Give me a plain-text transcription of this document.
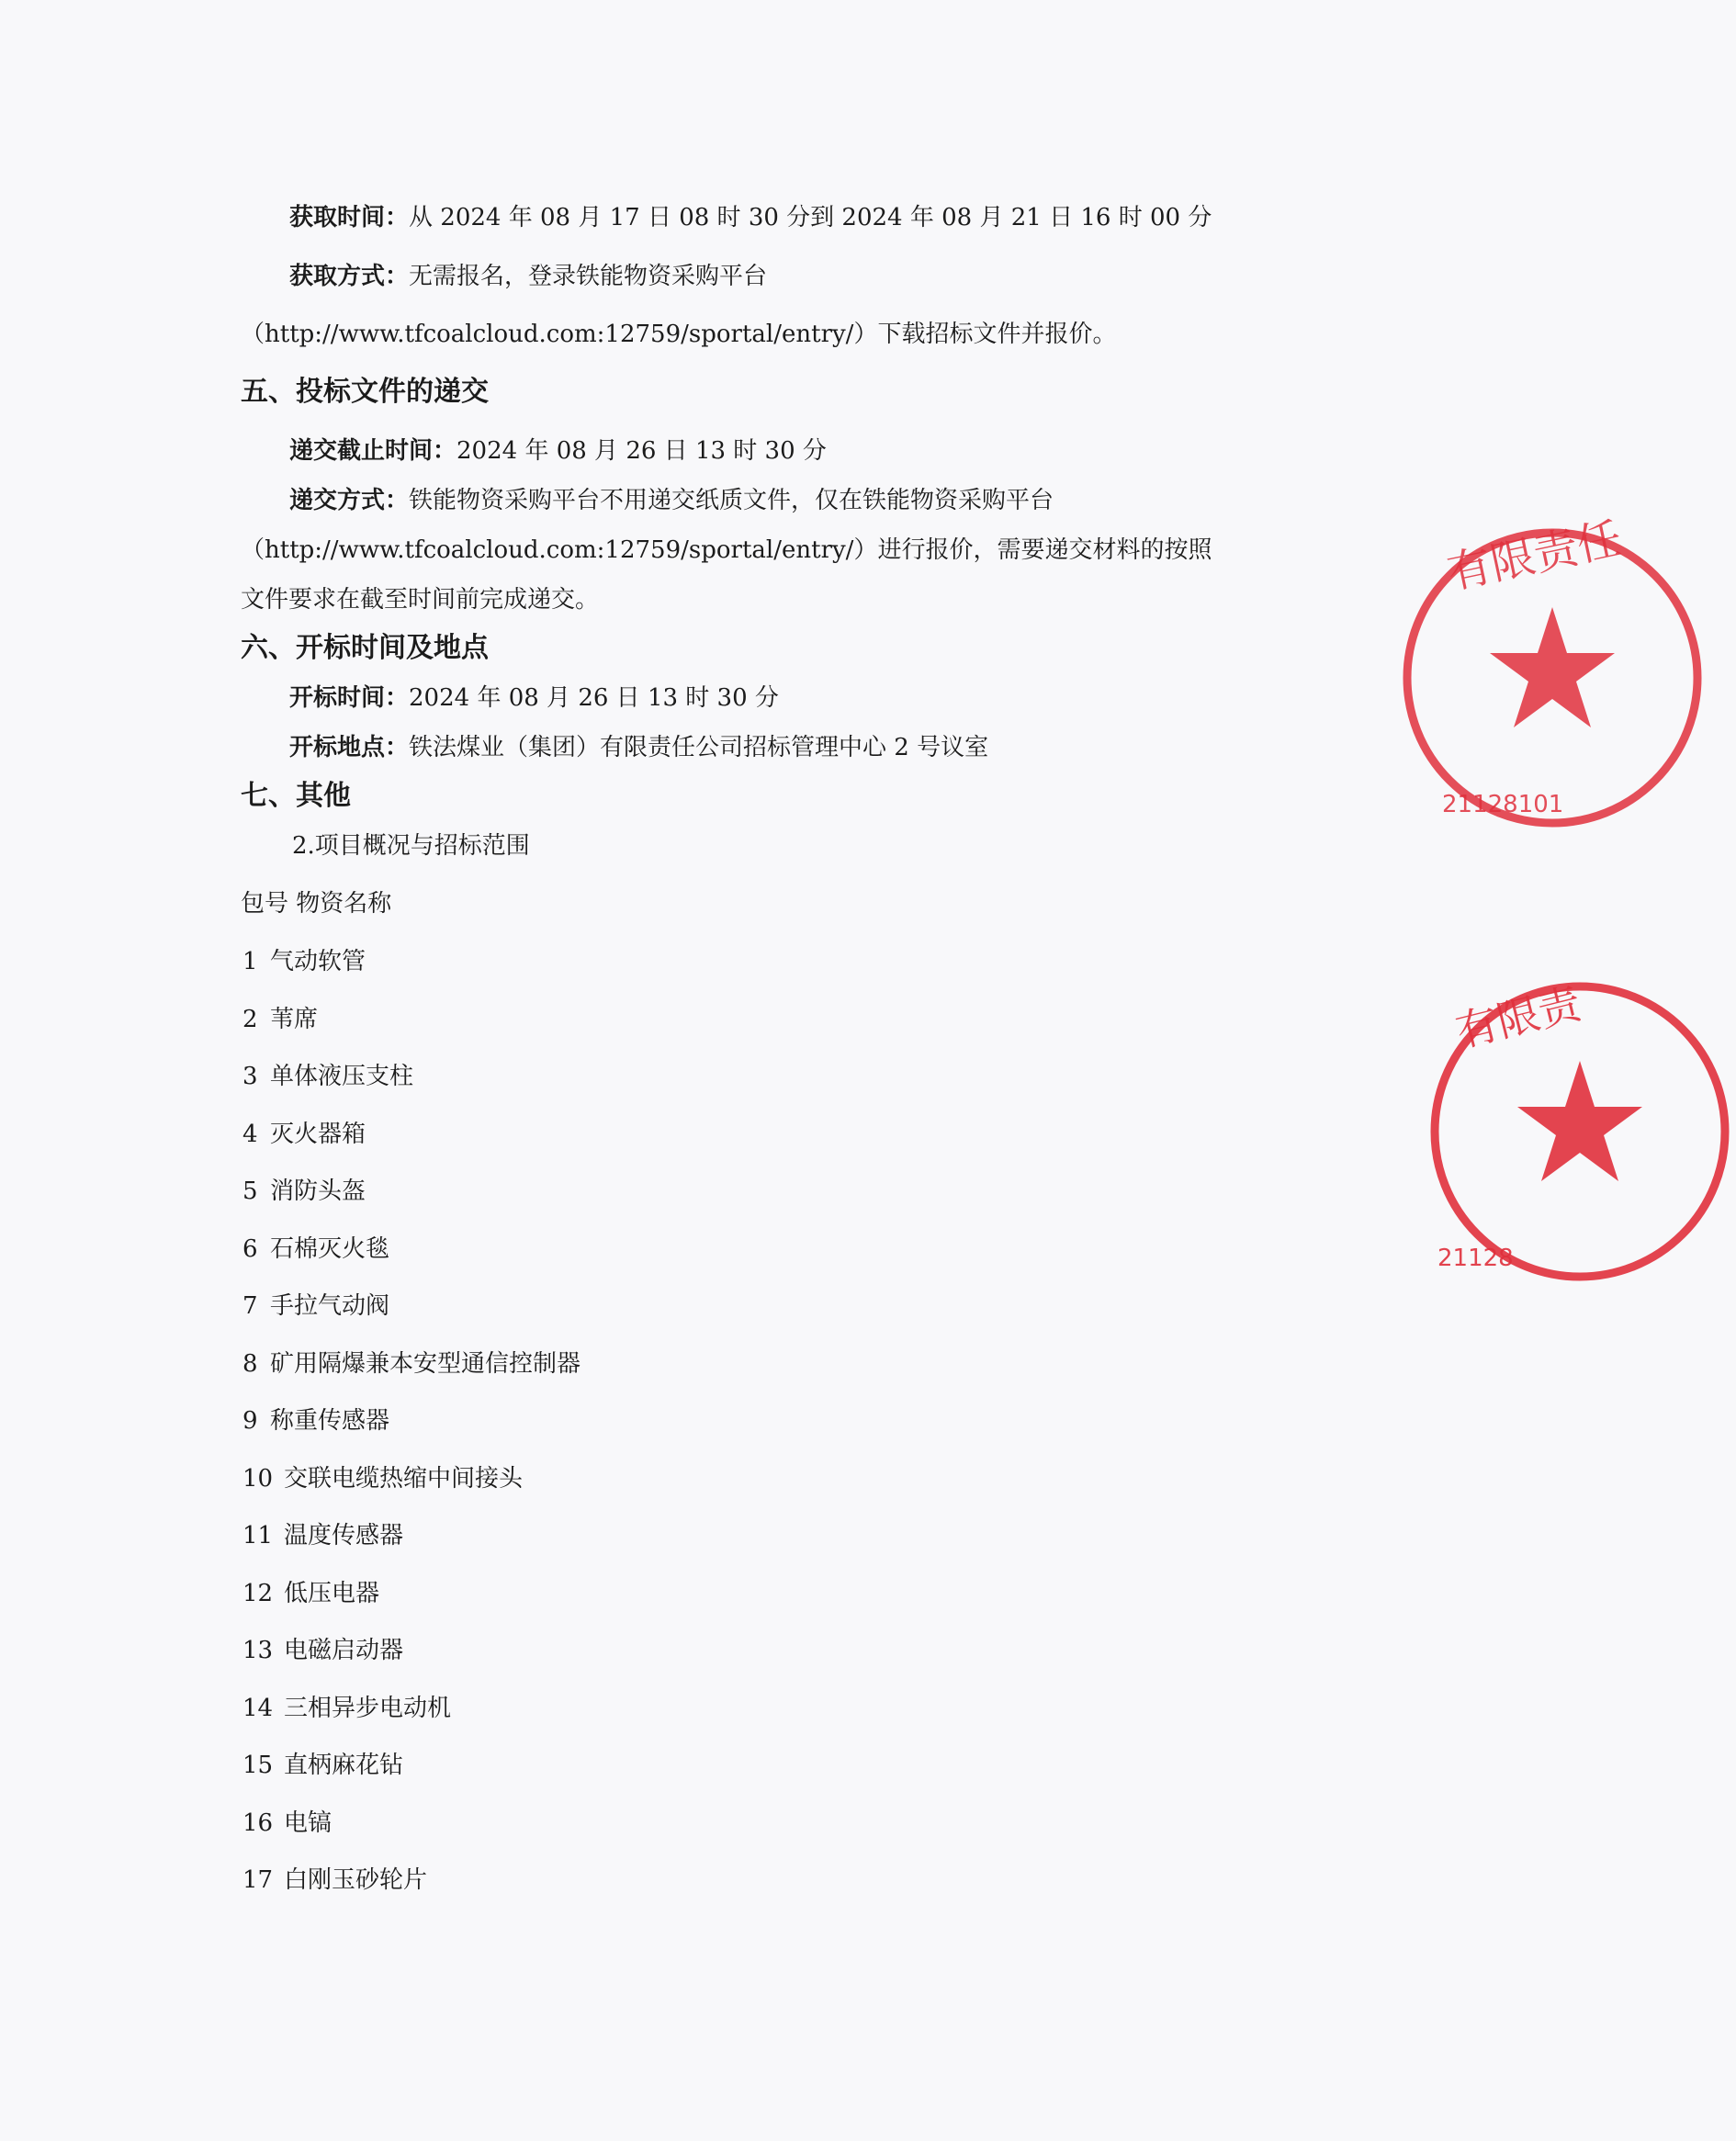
获取时间：从 2024 年 08 月 17 日 08 时 30 分到 2024 年 08 月 21 日 16 时 00 分
获取方式：无需报名，登录铁能物资采购平台
（http://www.tfcoalcloud.com:12759/sportal/entry/）下载招标文件并报价。
五、投标文件的递交
递交截止时间：2024 年 08 月 26 日 13 时 30 分
递交方式：铁能物资采购平台不用递交纸质文件，仅在铁能物资采购平台
（http://www.tfcoalcloud.com:12759/sportal/entry/）进行报价，需要递交材料的按照
文件要求在截至时间前完成递交。
六、开标时间及地点
开标时间：2024 年 08 月 26 日 13 时 30 分
开标地点：铁法煤业（集团）有限责任公司招标管理中心 2 号议室
七、其他
2.项目概况与招标范围
包号 物资名称
1 气动软管
2 苇席
3 单体液压支柱
4 灭火器箱
5 消防头盔
6 石棉灭火毯
7 手拉气动阀
8 矿用隔爆兼本安型通信控制器
9 称重传感器
10 交联电缆热缩中间接头
11 温度传感器
12 低压电器
13 电磁启动器
14 三相异步电动机
15 直柄麻花钻
16 电镐
17 白刚玉砂轮片
有限责任
21128101
有限责
21128
